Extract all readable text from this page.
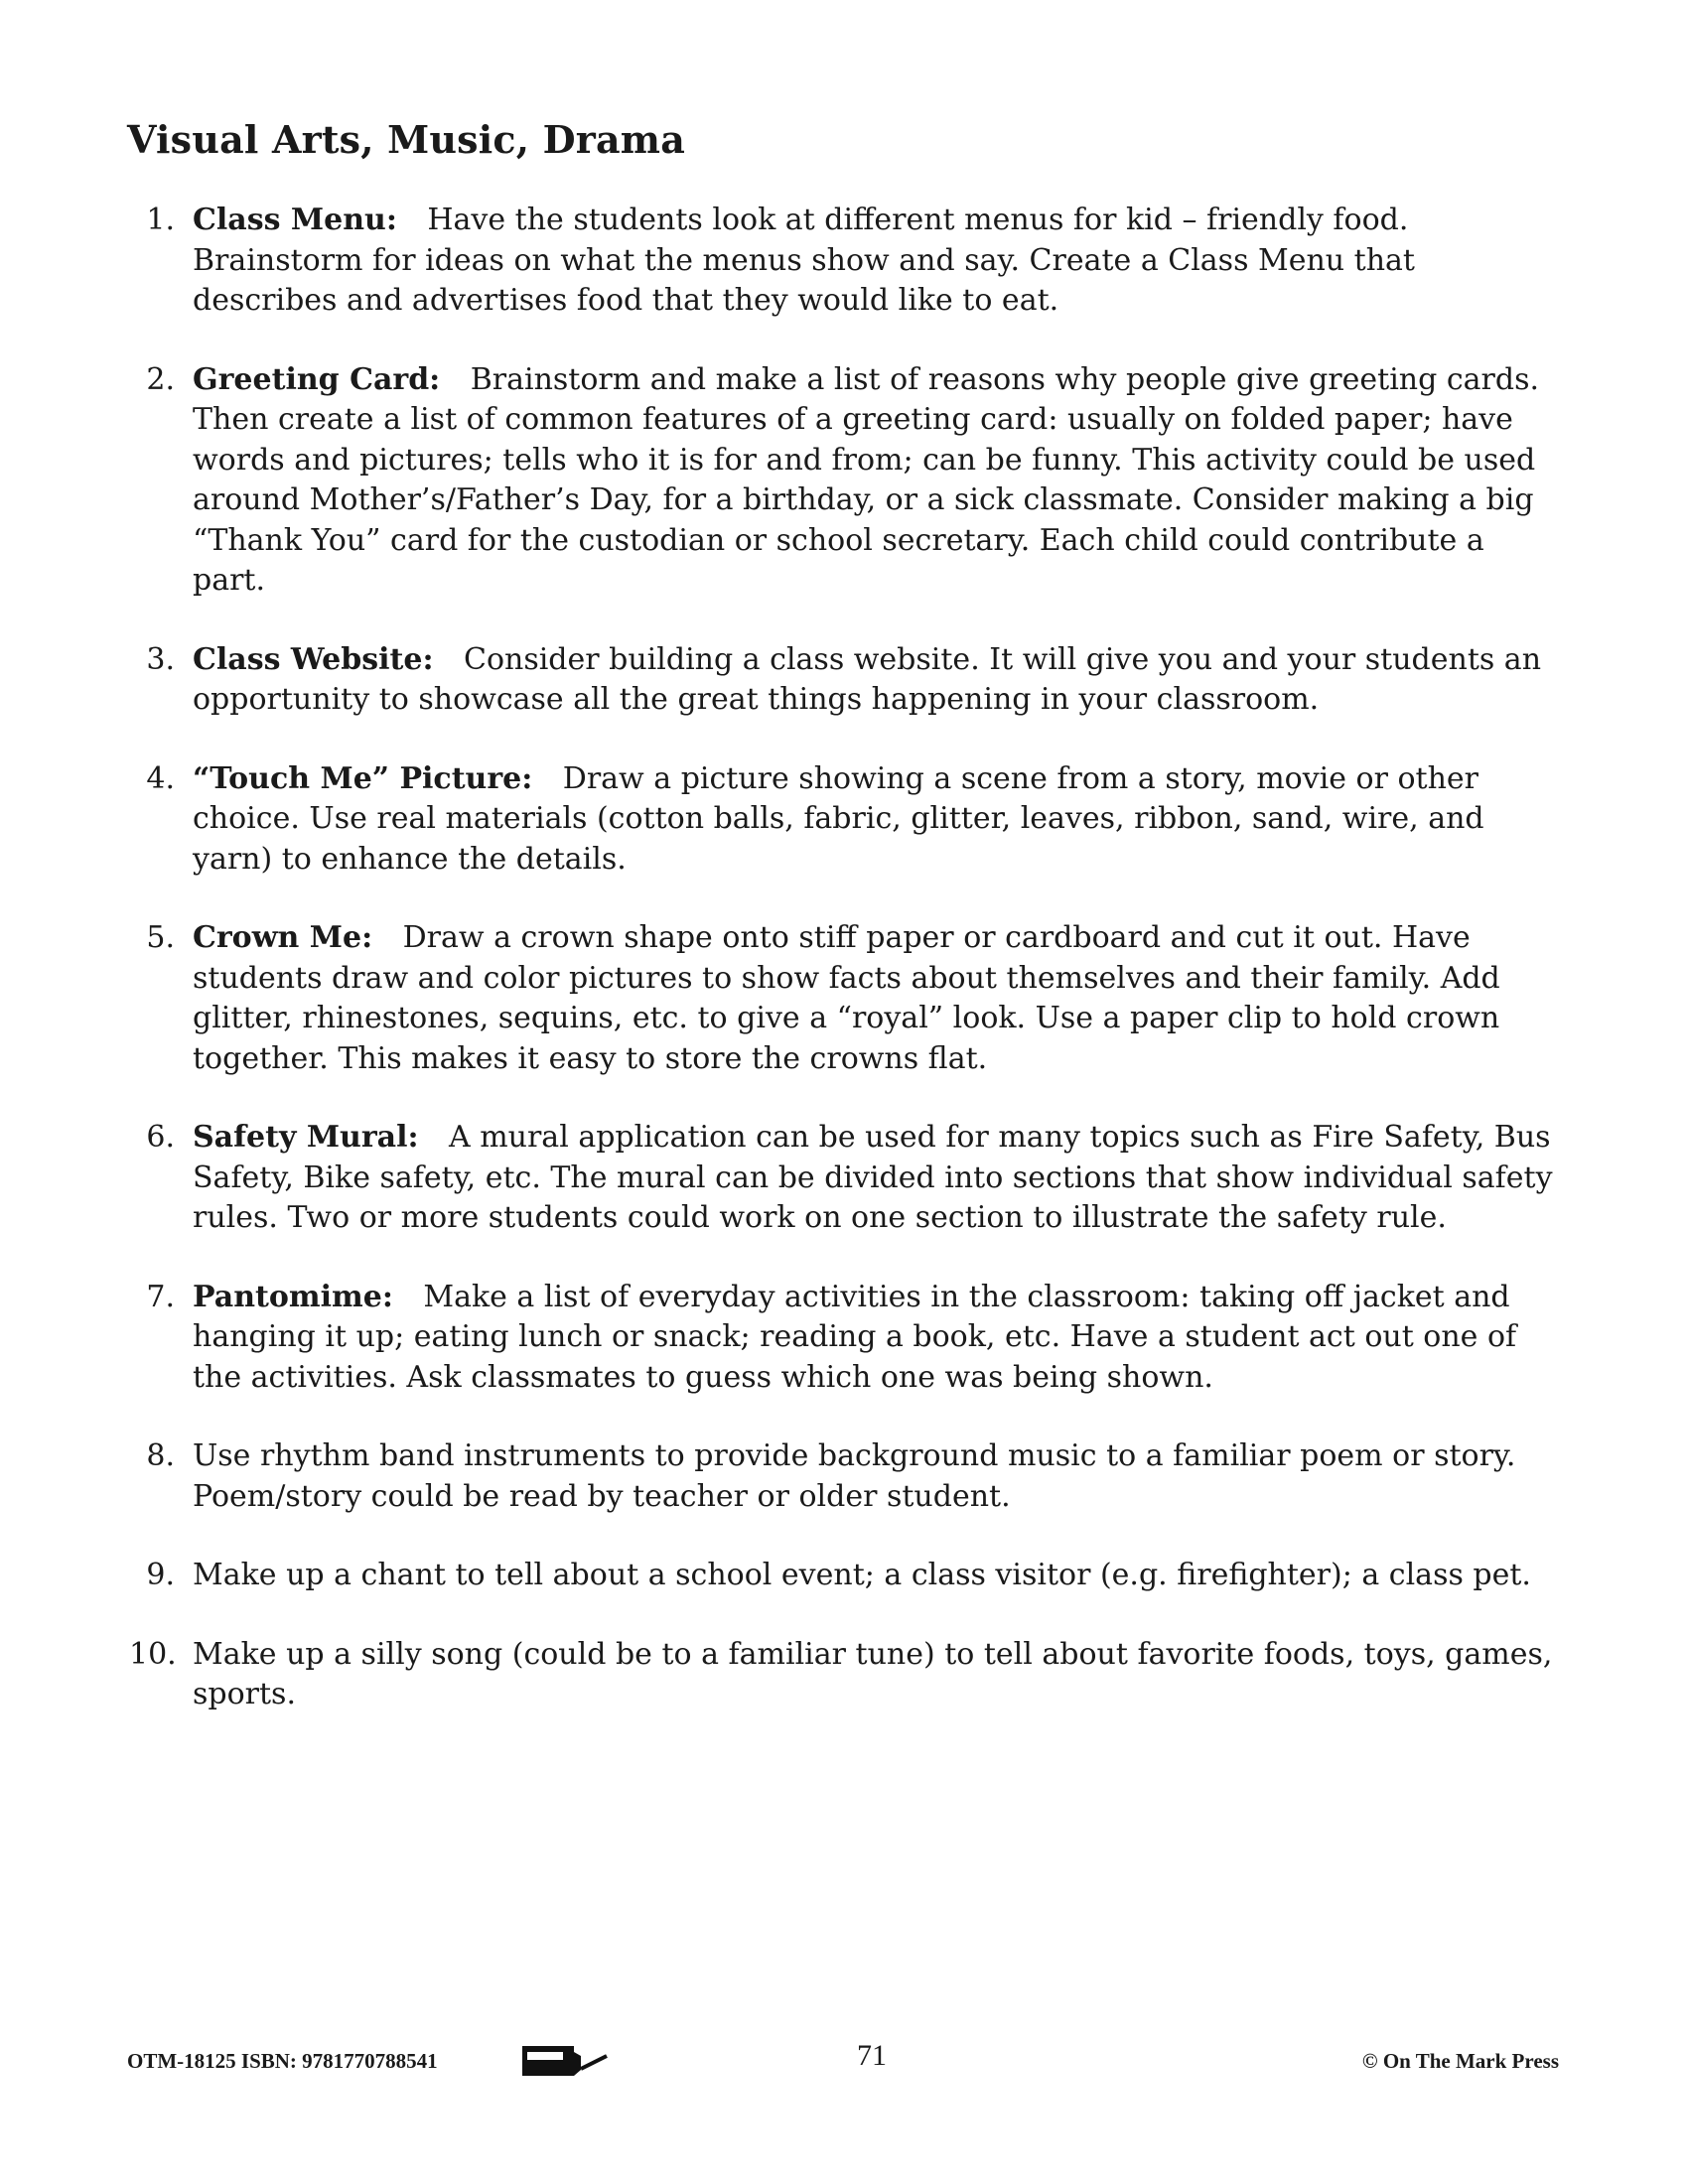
Visual Arts, Music, Drama
1. Class Menu:   Have the students look at different menus for kid – friendly food. Brainstorm for ideas on what the menus show and say. Create a Class Menu that describes and advertises food that they would like to eat.
2. Greeting Card:   Brainstorm and make a list of reasons why people give greeting cards. Then create a list of common features of a greeting card: usually on folded paper; have words and pictures; tells who it is for and from; can be funny. This activity could be used around Mother’s/Father’s Day, for a birthday, or a sick classmate. Consider making a big “Thank You” card for the custodian or school secretary. Each child could contribute a part.
3. Class Website:   Consider building a class website. It will give you and your students an opportunity to showcase all the great things happening in your classroom.
4. “Touch Me” Picture:   Draw a picture showing a scene from a story, movie or other choice. Use real materials (cotton balls, fabric, glitter, leaves, ribbon, sand, wire, and yarn) to enhance the details.
5. Crown Me:   Draw a crown shape onto stiff paper or cardboard and cut it out. Have students draw and color pictures to show facts about themselves and their family. Add glitter, rhinestones, sequins, etc. to give a “royal” look. Use a paper clip to hold crown together. This makes it easy to store the crowns flat.
6. Safety Mural:   A mural application can be used for many topics such as Fire Safety, Bus Safety, Bike safety, etc. The mural can be divided into sections that show individual safety rules. Two or more students could work on one section to illustrate the safety rule.
7. Pantomime:   Make a list of everyday activities in the classroom: taking off jacket and hanging it up; eating lunch or snack; reading a book, etc. Have a student act out one of the activities. Ask classmates to guess which one was being shown.
8. Use rhythm band instruments to provide background music to a familiar poem or story. Poem/story could be read by teacher or older student.
9. Make up a chant to tell about a school event; a class visitor (e.g. firefighter); a class pet.
10. Make up a silly song (could be to a familiar tune) to tell about favorite foods, toys, games, sports.
OTM-18125 ISBN: 9781770788541	71	© On The Mark Press
